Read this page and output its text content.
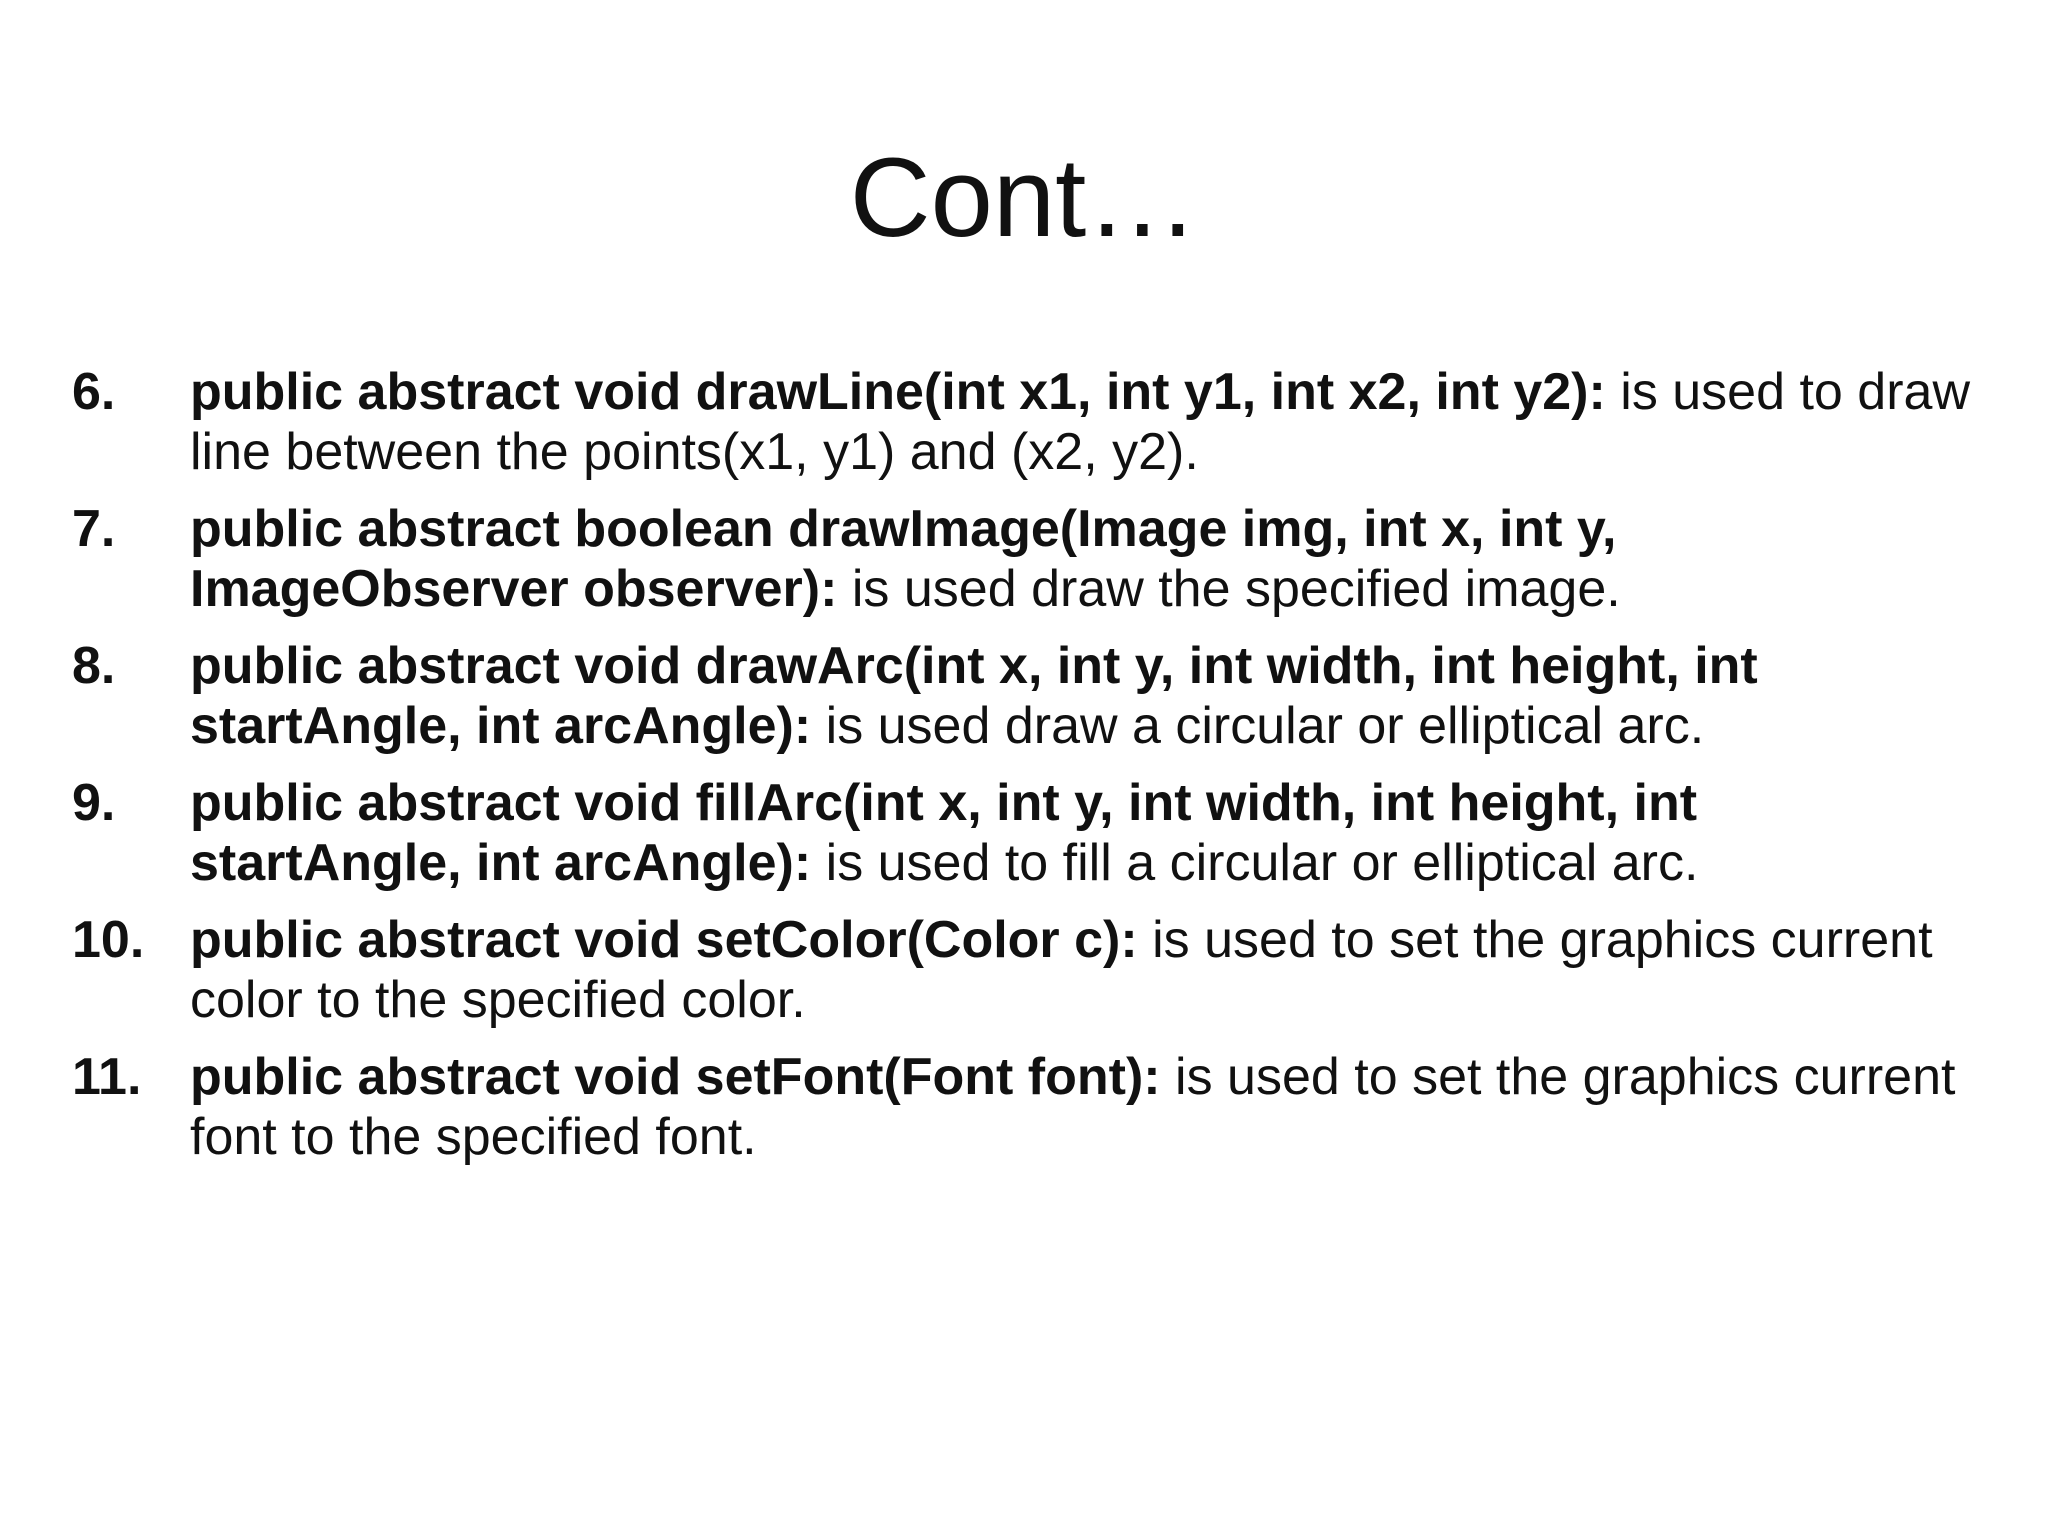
Cont…
6.	public abstract void drawLine(int x1, int y1, int x2, int y2): is used to draw line between the points(x1, y1) and (x2, y2).
7.	public abstract boolean drawImage(Image img, int x, int y, ImageObserver observer): is used draw the specified image.
8.	public abstract void drawArc(int x, int y, int width, int height, int startAngle, int arcAngle): is used draw a circular or elliptical arc.
9.	public abstract void fillArc(int x, int y, int width, int height, int startAngle, int arcAngle): is used to fill a circular or elliptical arc.
10. public abstract void setColor(Color c): is used to set the graphics current color to the specified color.
11. public abstract void setFont(Font font): is used to set the graphics current font to the specified font.
